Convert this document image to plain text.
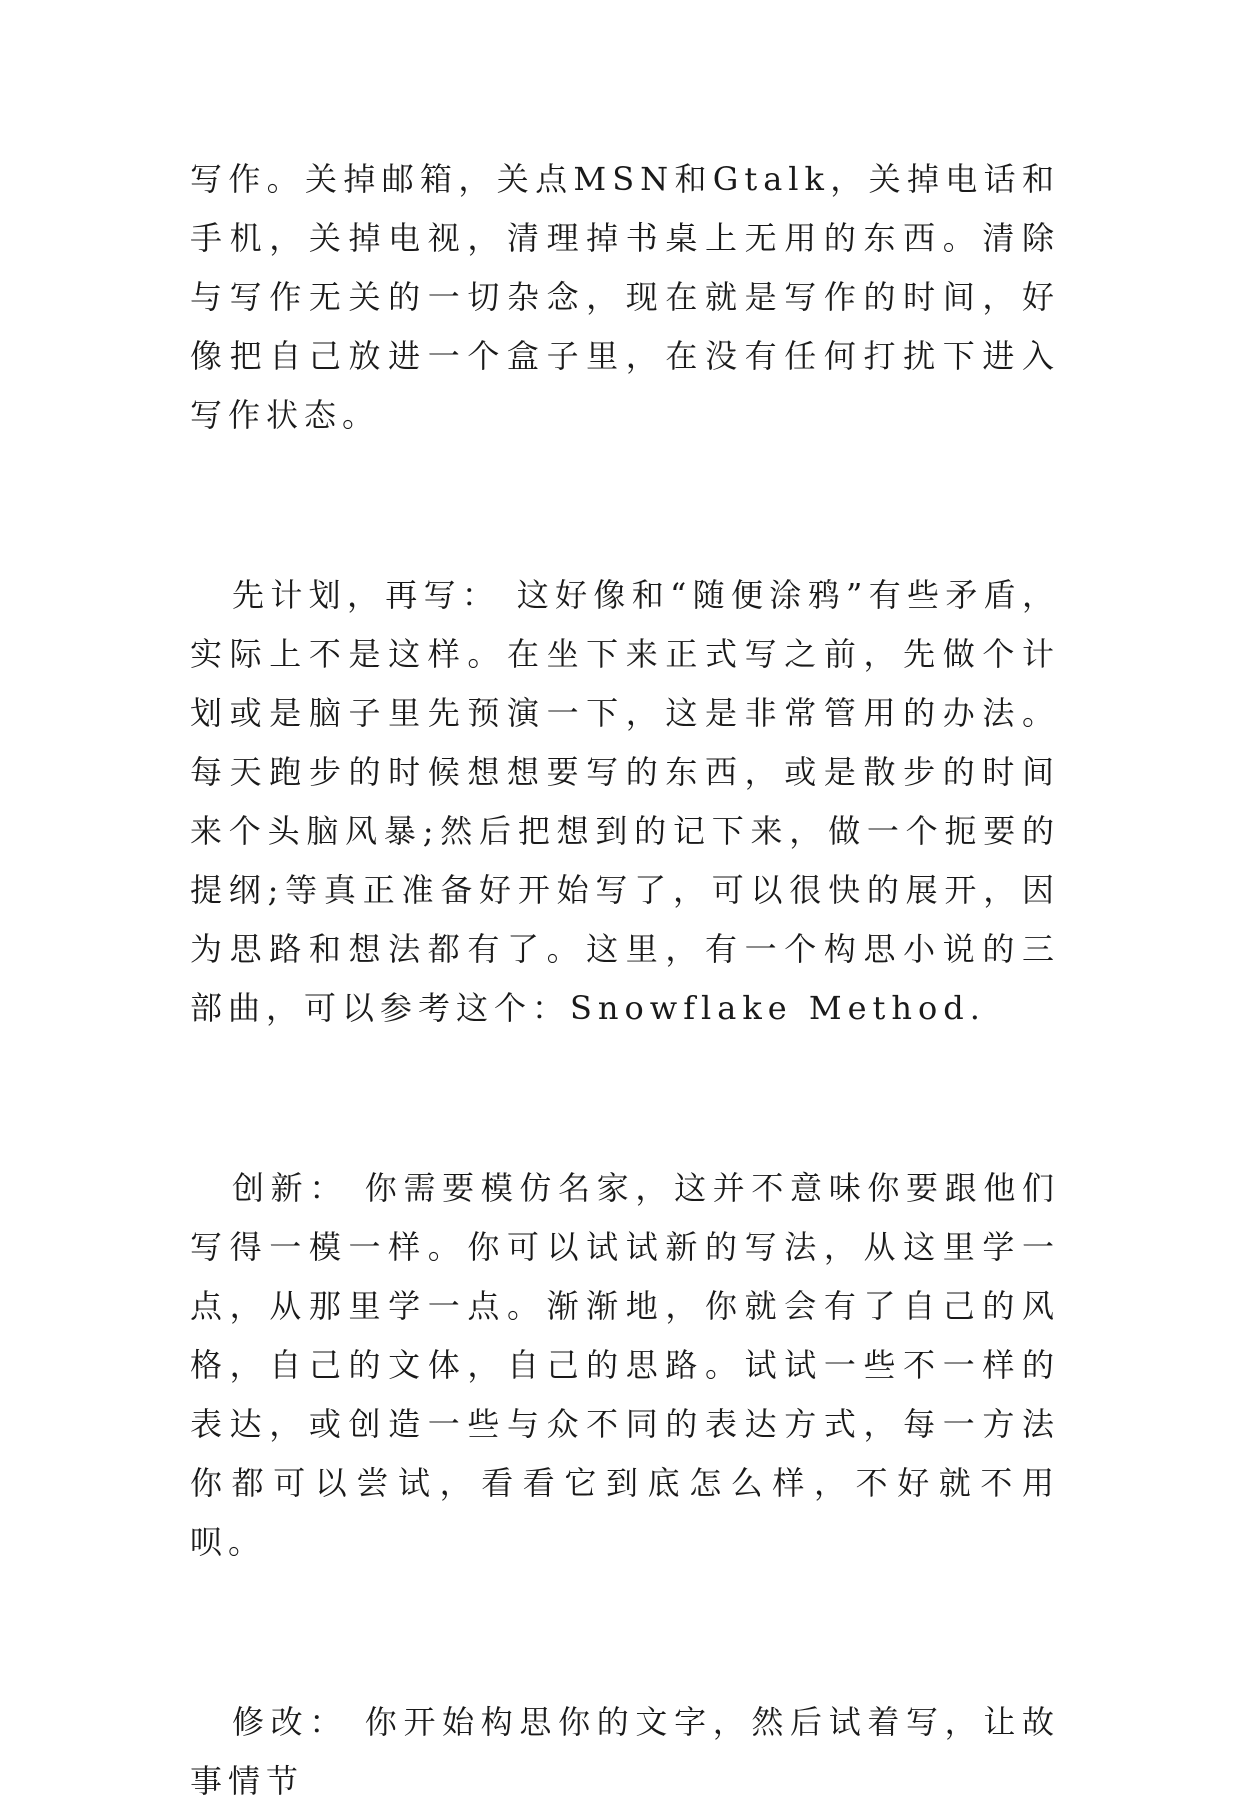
写作。关掉邮箱，关点MSN和Gtalk，关掉电话和手机，关掉电视，清理掉书桌上无用的东西。清除与写作无关的一切杂念，现在就是写作的时间，好像把自己放进一个盒子里，在没有任何打扰下进入写作状态。

先计划，再写： 这好像和“随便涂鸦”有些矛盾，实际上不是这样。在坐下来正式写之前，先做个计划或是脑子里先预演一下，这是非常管用的办法。每天跑步的时候想想要写的东西，或是散步的时间来个头脑风暴;然后把想到的记下来，做一个扼要的提纲;等真正准备好开始写了，可以很快的展开，因为思路和想法都有了。这里，有一个构思小说的三部曲，可以参考这个：Snowflake Method.

创新： 你需要模仿名家，这并不意味你要跟他们写得一模一样。你可以试试新的写法，从这里学一点，从那里学一点。渐渐地，你就会有了自己的风格，自己的文体，自己的思路。试试一些不一样的表达，或创造一些与众不同的表达方式，每一方法你都可以尝试，看看它到底怎么样，不好就不用呗。

修改： 你开始构思你的文字，然后试着写，让故事情节
